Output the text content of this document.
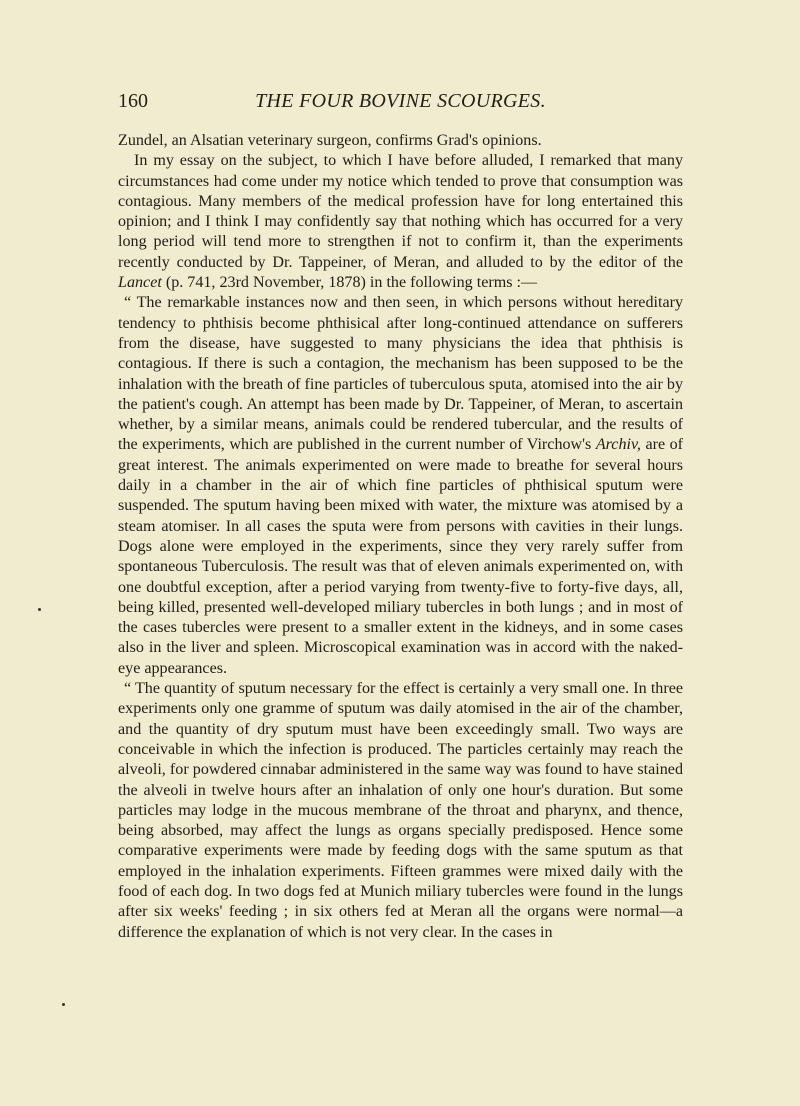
160	THE FOUR BOVINE SCOURGES.

Zundel, an Alsatian veterinary surgeon, confirms Grad's opinions.

In my essay on the subject, to which I have before alluded, I remarked that many circumstances had come under my notice which tended to prove that consumption was contagious. Many members of the medical profession have for long entertained this opinion; and I think I may confidently say that nothing which has occurred for a very long period will tend more to strengthen if not to confirm it, than the experiments recently conducted by Dr. Tappeiner, of Meran, and alluded to by the editor of the Lancet (p. 741, 23rd November, 1878) in the following terms :—

“ The remarkable instances now and then seen, in which persons without hereditary tendency to phthisis become phthisical after long-continued attendance on sufferers from the disease, have suggested to many physicians the idea that phthisis is contagious. If there is such a contagion, the mechanism has been supposed to be the inhalation with the breath of fine particles of tuberculous sputa, atomised into the air by the patient's cough. An attempt has been made by Dr. Tappeiner, of Meran, to ascertain whether, by a similar means, animals could be rendered tubercular, and the results of the experiments, which are published in the current number of Virchow's Archiv, are of great interest. The animals experimented on were made to breathe for several hours daily in a chamber in the air of which fine particles of phthisical sputum were suspended. The sputum having been mixed with water, the mixture was atomised by a steam atomiser. In all cases the sputa were from persons with cavities in their lungs. Dogs alone were employed in the experiments, since they very rarely suffer from spontaneous Tuberculosis. The result was that of eleven animals experimented on, with one doubtful exception, after a period varying from twenty-five to forty-five days, all, being killed, presented well-developed miliary tubercles in both lungs ; and in most of the cases tubercles were present to a smaller extent in the kidneys, and in some cases also in the liver and spleen. Microscopical examination was in accord with the naked-eye appearances.

“ The quantity of sputum necessary for the effect is certainly a very small one. In three experiments only one gramme of sputum was daily atomised in the air of the chamber, and the quantity of dry sputum must have been exceedingly small. Two ways are conceivable in which the infection is produced. The particles certainly may reach the alveoli, for powdered cinnabar administered in the same way was found to have stained the alveoli in twelve hours after an inhalation of only one hour's duration. But some particles may lodge in the mucous membrane of the throat and pharynx, and thence, being absorbed, may affect the lungs as organs specially predisposed. Hence some comparative experiments were made by feeding dogs with the same sputum as that employed in the inhalation experiments. Fifteen grammes were mixed daily with the food of each dog. In two dogs fed at Munich miliary tubercles were found in the lungs after six weeks' feeding ; in six others fed at Meran all the organs were normal—a difference the explanation of which is not very clear. In the cases in
